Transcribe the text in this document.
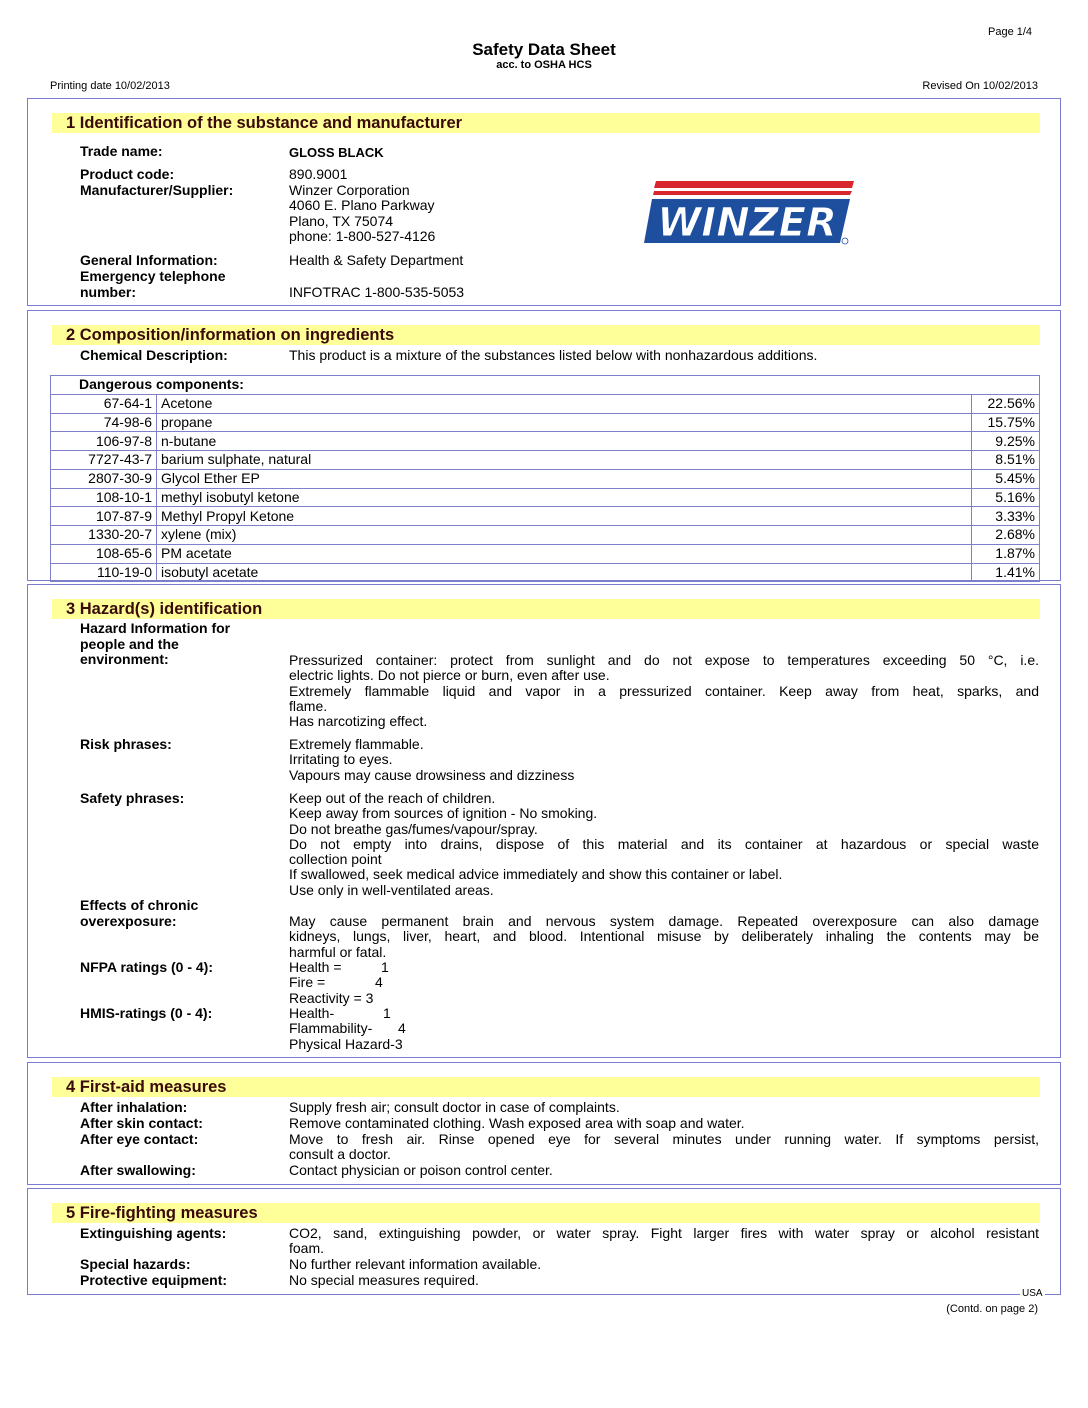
Page 1/4
Safety Data Sheet
acc. to OSHA HCS
Printing date 10/02/2013	Revised On 10/02/2013
1 Identification of the substance and manufacturer
Trade name:	GLOSS BLACK
Product code:	890.9001
Manufacturer/Supplier:	Winzer Corporation
4060 E. Plano Parkway
Plano, TX 75074
phone: 1-800-527-4126	WINZER
General Information:	Health & Safety Department
Emergency telephone
number:	INFOTRAC 1-800-535-5053
2 Composition/information on ingredients
Chemical Description:	This product is a mixture of the substances listed below with nonhazardous additions.
Dangerous components:		
67-64-1	Acetone	22.56%
74-98-6	propane	15.75%
106-97-8	n-butane	9.25%
7727-43-7	barium sulphate, natural	8.51%
2807-30-9	Glycol Ether EP	5.45%
108-10-1	methyl isobutyl ketone	5.16%
107-87-9	Methyl Propyl Ketone	3.33%
1330-20-7	xylene (mix)	2.68%
108-65-6	PM acetate	1.87%
110-19-0	isobutyl acetate	1.41%
3 Hazard(s) identification
Hazard Information for
people and the
environment:	Pressurized container: protect from sunlight and do not expose to temperatures exceeding 50 °C, i.e.
electric lights. Do not pierce or burn, even after use.
Extremely flammable liquid and vapor in a pressurized container. Keep away from heat, sparks, and
flame.
Has narcotizing effect.
Risk phrases:	Extremely flammable.
Irritating to eyes.
Vapours may cause drowsiness and dizziness
Safety phrases:	Keep out of the reach of children.
Keep away from sources of ignition - No smoking.
Do not breathe gas/fumes/vapour/spray.
Do not empty into drains, dispose of this material and its container at hazardous or special waste
collection point
If swallowed, seek medical advice immediately and show this container or label.
Use only in well-ventilated areas.
Effects of chronic
overexposure:	May cause permanent brain and nervous system damage. Repeated overexposure can also damage
kidneys, lungs, liver, heart, and blood. Intentional misuse by deliberately inhaling the contents may be
harmful or fatal.
NFPA ratings (0 - 4):	Health =	1
Fire =	4
Reactivity = 3
HMIS-ratings (0 - 4):	Health-	1
Flammability- 4
Physical Hazard-3
4 First-aid measures
After inhalation:	Supply fresh air; consult doctor in case of complaints.
After skin contact:	Remove contaminated clothing. Wash exposed area with soap and water.
After eye contact:	Move to fresh air. Rinse opened eye for several minutes under running water. If symptoms persist,
consult a doctor.
After swallowing:	Contact physician or poison control center.
5 Fire-fighting measures
Extinguishing agents:	CO2, sand, extinguishing powder, or water spray. Fight larger fires with water spray or alcohol resistant
foam.
Special hazards:	No further relevant information available.
Protective equipment:	No special measures required.
USA
(Contd. on page 2)
